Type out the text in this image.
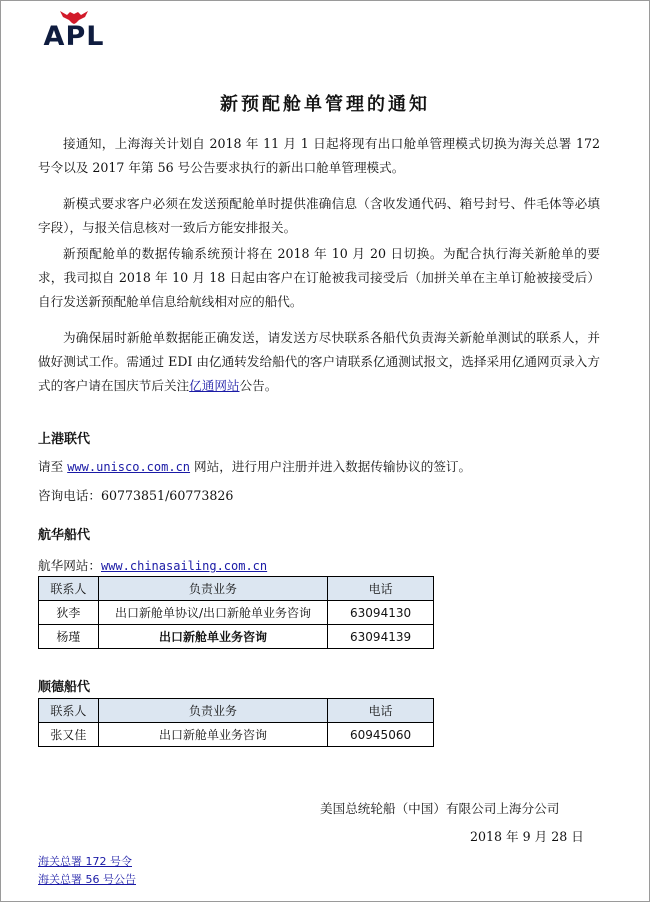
APL
新预配舱单管理的通知
接通知，上海海关计划自 2018 年 11 月 1 日起将现有出口舱单管理模式切换为海关总署 172 号令以及 2017 年第 56 号公告要求执行的新出口舱单管理模式。
新模式要求客户必须在发送预配舱单时提供准确信息（含收发通代码、箱号封号、件毛体等必填字段），与报关信息核对一致后方能安排报关。
新预配舱单的数据传输系统预计将在 2018 年 10 月 20 日切换。为配合执行海关新舱单的要求，我司拟自 2018 年 10 月 18 日起由客户在订舱被我司接受后（加拼关单在主单订舱被接受后）自行发送新预配舱单信息给航线相对应的船代。
为确保届时新舱单数据能正确发送，请发送方尽快联系各船代负责海关新舱单测试的联系人，并做好测试工作。需通过 EDI 由亿通转发给船代的客户请联系亿通测试报文，选择采用亿通网页录入方式的客户请在国庆节后关注亿通网站公告。
上港联代
请至 www.unisco.com.cn 网站，进行用户注册并进入数据传输协议的签订。
咨询电话：60773851/60773826
航华船代
航华网站：www.chinasailing.com.cn
联系人	负责业务	电话
狄李	出口新舱单协议/出口新舱单业务咨询	63094130
杨瑾	出口新舱单业务咨询	63094139
顺德船代
联系人	负责业务	电话
张又佳	出口新舱单业务咨询	60945060
美国总统轮船（中国）有限公司上海分公司
2018 年 9 月 28 日
海关总署 172 号令
海关总署 56 号公告
